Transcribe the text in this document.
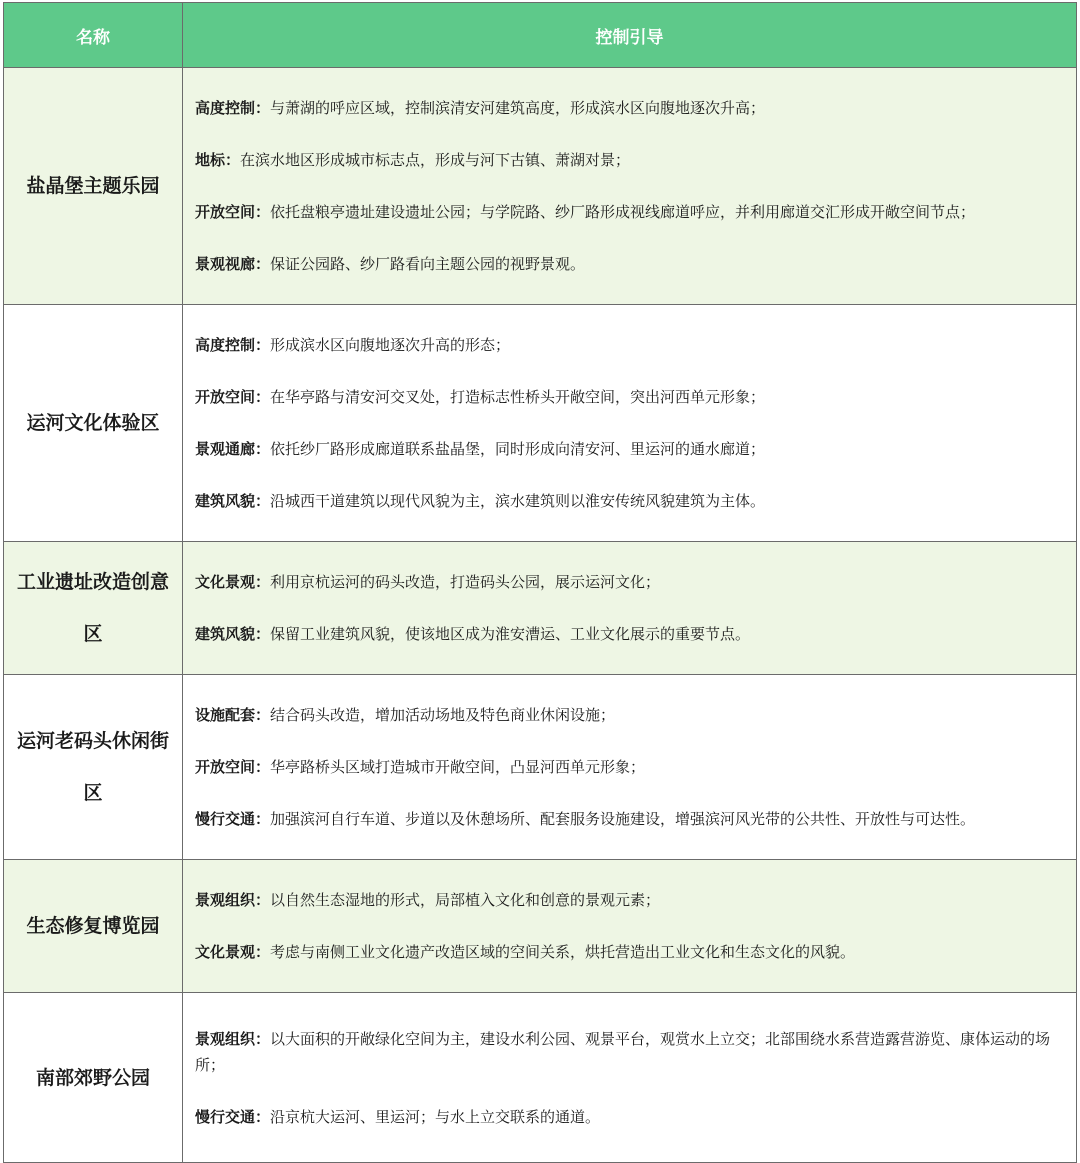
名称	控制引导
盐晶堡主题乐园	高度控制：与萧湖的呼应区域，控制滨清安河建筑高度，形成滨水区向腹地逐次升高；

地标：在滨水地区形成城市标志点，形成与河下古镇、萧湖对景；

开放空间：依托盘粮亭遗址建设遗址公园；与学院路、纱厂路形成视线廊道呼应，并利用廊道交汇形成开敞空间节点；

景观视廊：保证公园路、纱厂路看向主题公园的视野景观。

运河文化体验区	高度控制：形成滨水区向腹地逐次升高的形态；

开放空间：在华亭路与清安河交叉处，打造标志性桥头开敞空间，突出河西单元形象；

景观通廊：依托纱厂路形成廊道联系盐晶堡，同时形成向清安河、里运河的通水廊道；

建筑风貌：沿城西干道建筑以现代风貌为主，滨水建筑则以淮安传统风貌建筑为主体。

工业遗址改造创意区	文化景观：利用京杭运河的码头改造，打造码头公园，展示运河文化；

建筑风貌：保留工业建筑风貌，使该地区成为淮安漕运、工业文化展示的重要节点。

运河老码头休闲街区	设施配套：结合码头改造，增加活动场地及特色商业休闲设施；

开放空间：华亭路桥头区域打造城市开敞空间，凸显河西单元形象；

慢行交通：加强滨河自行车道、步道以及休憩场所、配套服务设施建设，增强滨河风光带的公共性、开放性与可达性。

生态修复博览园	景观组织：以自然生态湿地的形式，局部植入文化和创意的景观元素；

文化景观：考虑与南侧工业文化遗产改造区域的空间关系，烘托营造出工业文化和生态文化的风貌。

南部郊野公园	景观组织：以大面积的开敞绿化空间为主，建设水利公园、观景平台，观赏水上立交；北部围绕水系营造露营游览、康体运动的场所；

慢行交通：沿京杭大运河、里运河；与水上立交联系的通道。
